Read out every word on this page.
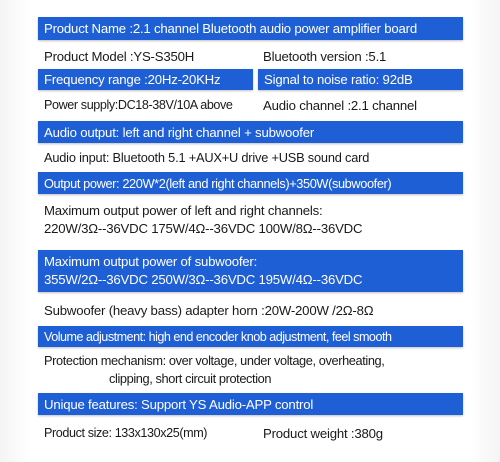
Product Name :2.1 channel Bluetooth audio power amplifier board
Product Model :YS-S350H	Bluetooth version :5.1
Frequency range :20Hz-20KHz	Signal to noise ratio: 92dB
Power supply:DC18-38V/10A above Audio channel :2.1 channel
Audio output: left and right channel + subwoofer
Audio input: Bluetooth 5.1 +AUX+U drive +USB sound card
Output power: 220W*2(left and right channels)+350W(subwoofer)
Maximum output power of left and right channels:
220W/3Ω--36VDC 175W/4Ω--36VDC 100W/8Ω--36VDC
Maximum output power of subwoofer:
355W/2Ω--36VDC 250W/3Ω--36VDC 195W/4Ω--36VDC
Subwoofer (heavy bass) adapter horn :20W-200W /2Ω-8Ω
Volume adjustment: high end encoder knob adjustment, feel smooth
Protection mechanism: over voltage, under voltage, overheating,
clipping, short circuit protection
Unique features: Support YS Audio-APP control
Product size: 133x130x25(mm)	Product weight :380g
